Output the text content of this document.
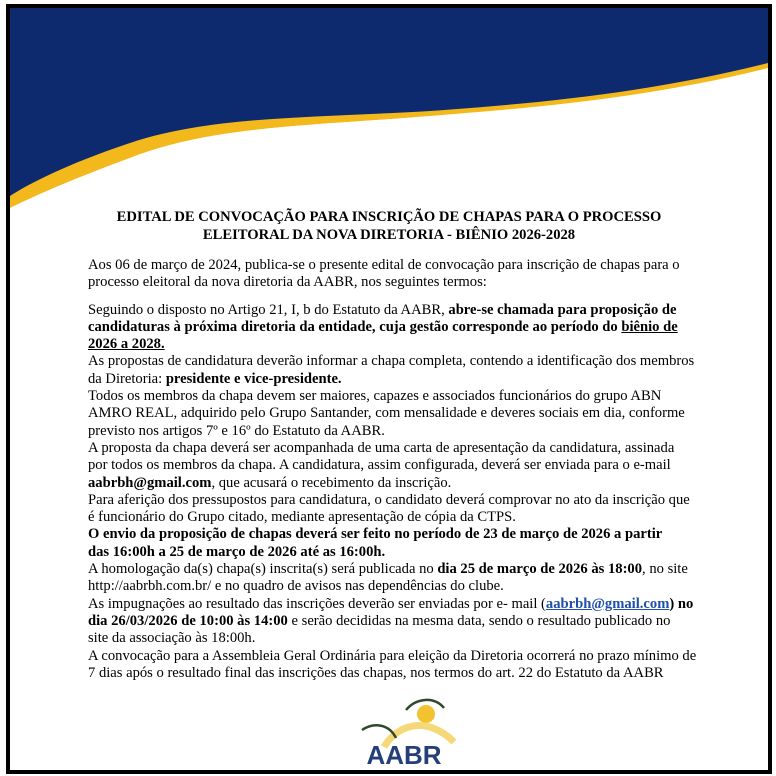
EDITAL DE CONVOCAÇÃO PARA INSCRIÇÃO DE CHAPAS PARA O PROCESSO
ELEITORAL DA NOVA DIRETORIA - BIÊNIO 2026-2028
Aos 06 de março de 2024, publica-se o presente edital de convocação para inscrição de chapas para o
processo eleitoral da nova diretoria da AABR, nos seguintes termos:
Seguindo o disposto no Artigo 21, I, b do Estatuto da AABR, abre-se chamada para proposição de
candidaturas à próxima diretoria da entidade, cuja gestão corresponde ao período do biênio de
2026 a 2028.
As propostas de candidatura deverão informar a chapa completa, contendo a identificação dos membros
da Diretoria: presidente e vice-presidente.
Todos os membros da chapa devem ser maiores, capazes e associados funcionários do grupo ABN
AMRO REAL, adquirido pelo Grupo Santander, com mensalidade e deveres sociais em dia, conforme
previsto nos artigos 7º e 16º do Estatuto da AABR.
A proposta da chapa deverá ser acompanhada de uma carta de apresentação da candidatura, assinada
por todos os membros da chapa. A candidatura, assim configurada, deverá ser enviada para o e-mail
aabrbh@gmail.com, que acusará o recebimento da inscrição.
Para aferição dos pressupostos para candidatura, o candidato deverá comprovar no ato da inscrição que
é funcionário do Grupo citado, mediante apresentação de cópia da CTPS.
O envio da proposição de chapas deverá ser feito no período de 23 de março de 2026 a partir
das 16:00h a 25 de março de 2026 até as 16:00h.
A homologação da(s) chapa(s) inscrita(s) será publicada no dia 25 de março de 2026 às 18:00, no site
http://aabrbh.com.br/ e no quadro de avisos nas dependências do clube.
As impugnações ao resultado das inscrições deverão ser enviadas por e- mail (aabrbh@gmail.com) no
dia 26/03/2026 de 10:00 às 14:00 e serão decididas na mesma data, sendo o resultado publicado no
site da associação às 18:00h.
A convocação para a Assembleia Geral Ordinária para eleição da Diretoria ocorrerá no prazo mínimo de
7 dias após o resultado final das inscrições das chapas, nos termos do art. 22 do Estatuto da AABR
AABR
